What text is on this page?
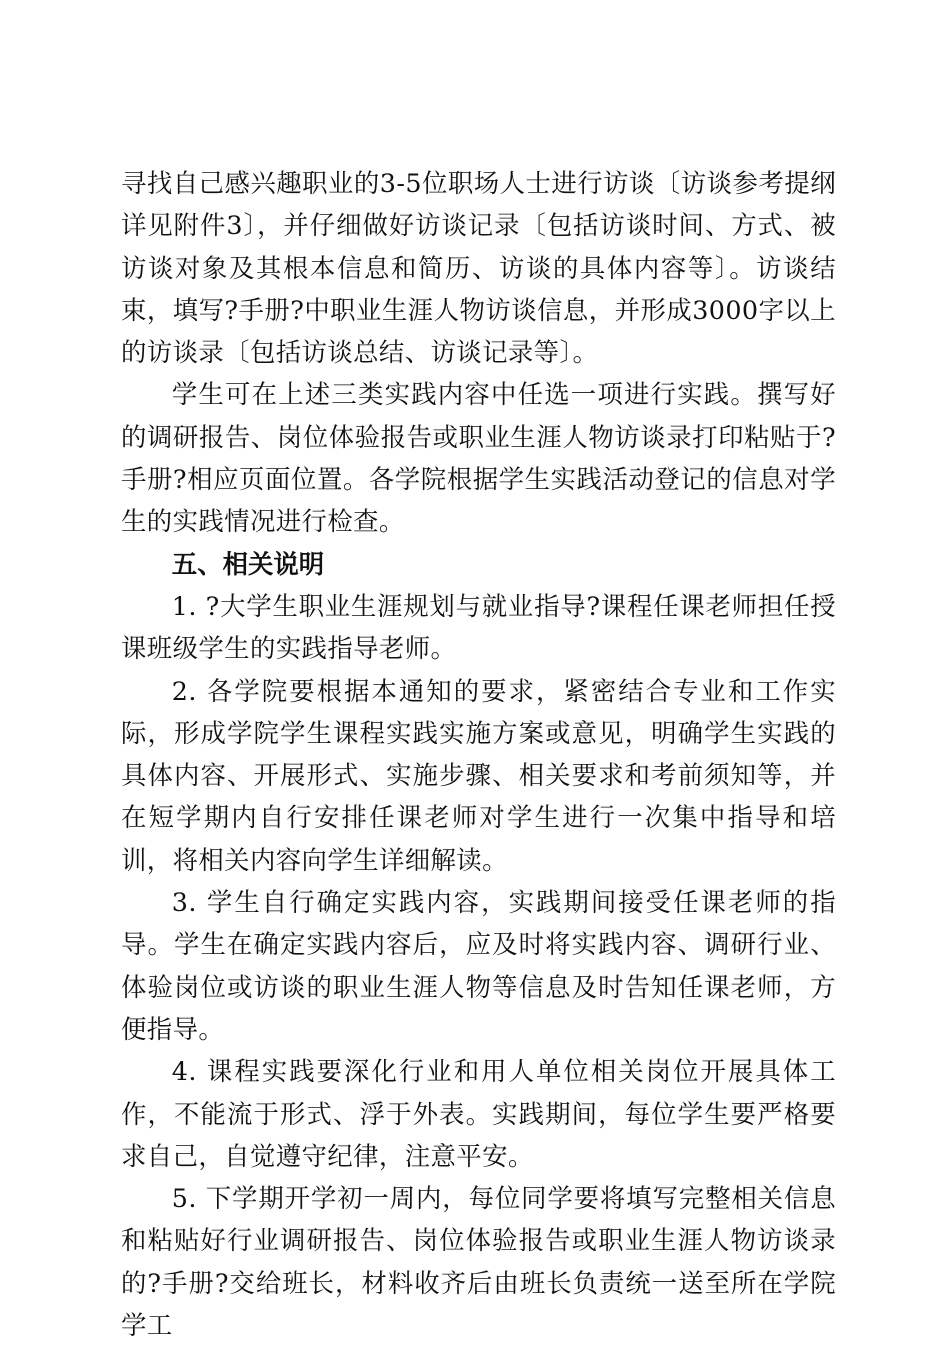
寻找自己感兴趣职业的3-5位职场人士进行访谈〔访谈参考提纲详见附件3〕，并仔细做好访谈记录〔包括访谈时间、方式、被访谈对象及其根本信息和简历、访谈的具体内容等〕。访谈结束，填写?手册?中职业生涯人物访谈信息，并形成3000字以上的访谈录〔包括访谈总结、访谈记录等〕。

学生可在上述三类实践内容中任选一项进行实践。撰写好的调研报告、岗位体验报告或职业生涯人物访谈录打印粘贴于?手册?相应页面位置。各学院根据学生实践活动登记的信息对学生的实践情况进行检查。

五、相关说明

1. ?大学生职业生涯规划与就业指导?课程任课老师担任授课班级学生的实践指导老师。

2. 各学院要根据本通知的要求，紧密结合专业和工作实际，形成学院学生课程实践实施方案或意见，明确学生实践的具体内容、开展形式、实施步骤、相关要求和考前须知等，并在短学期内自行安排任课老师对学生进行一次集中指导和培训，将相关内容向学生详细解读。

3. 学生自行确定实践内容，实践期间接受任课老师的指导。学生在确定实践内容后，应及时将实践内容、调研行业、体验岗位或访谈的职业生涯人物等信息及时告知任课老师，方便指导。

4. 课程实践要深化行业和用人单位相关岗位开展具体工作，不能流于形式、浮于外表。实践期间，每位学生要严格要求自己，自觉遵守纪律，注意平安。

5. 下学期开学初一周内，每位同学要将填写完整相关信息和粘贴好行业调研报告、岗位体验报告或职业生涯人物访谈录的?手册?交给班长，材料收齐后由班长负责统一送至所在学院学工
